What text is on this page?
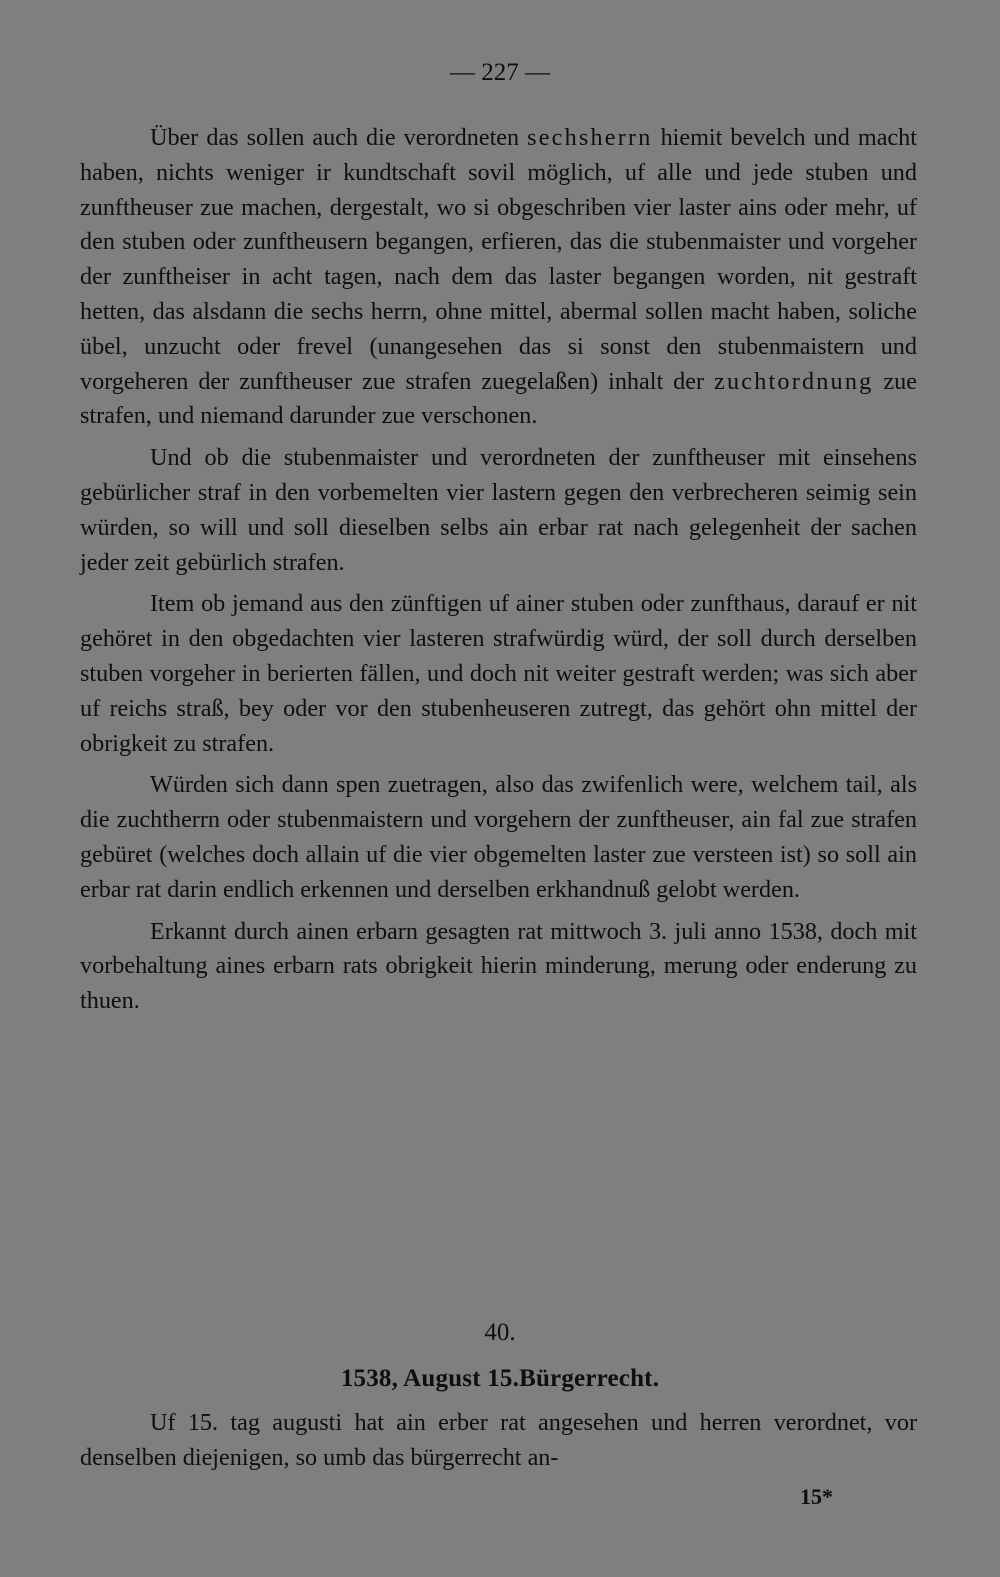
— 227 —

Über das sollen auch die verordneten sechsherrn hiemit bevelch und macht haben, nichts weniger ir kundtschaft sovil möglich, uf alle und jede stuben und zunftheuser zue machen, dergestalt, wo si obgeschriben vier laster ains oder mehr, uf den stuben oder zunftheusern begangen, erfieren, das die stubenmaister und vorgeher der zunftheiser in acht tagen, nach dem das laster begangen worden, nit gestraft hetten, das alsdann die sechs herrn, ohne mittel, abermal sollen macht haben, soliche übel, unzucht oder frevel (unangesehen das si sonst den stubenmaistern und vorgeheren der zunftheuser zue strafen zuegelaßen) inhalt der zuchtordnung zue strafen, und niemand darunder zue verschonen.

Und ob die stubenmaister und verordneten der zunftheuser mit einsehens gebürlicher straf in den vorbemelten vier lastern gegen den verbrecheren seimig sein würden, so will und soll dieselben selbs ain erbar rat nach gelegenheit der sachen jeder zeit gebürlich strafen.

Item ob jemand aus den zünftigen uf ainer stuben oder zunfthaus, darauf er nit gehöret in den obgedachten vier lasteren strafwürdig würd, der soll durch derselben stuben vorgeher in berierten fällen, und doch nit weiter gestraft werden; was sich aber uf reichs straß, bey oder vor den stubenheuseren zutregt, das gehört ohn mittel der obrigkeit zu strafen.

Würden sich dann spen zuetragen, also das zwifenlich were, welchem tail, als die zuchtherrn oder stubenmaistern und vorgehern der zunftheuser, ain fal zue strafen gebüret (welches doch allain uf die vier obgemelten laster zue versteen ist) so soll ain erbar rat darin endlich erkennen und derselben erkhandnuß gelobt werden.

Erkannt durch ainen erbarn gesagten rat mittwoch 3. juli anno 1538, doch mit vorbehaltung aines erbarn rats obrigkeit hierin minderung, merung oder enderung zu thuen.

40.
1538, August 15.Bürgerrecht.

Uf 15. tag augusti hat ain erber rat angesehen und herren verordnet, vor denselben diejenigen, so umb das bürgerrecht an-

15*
